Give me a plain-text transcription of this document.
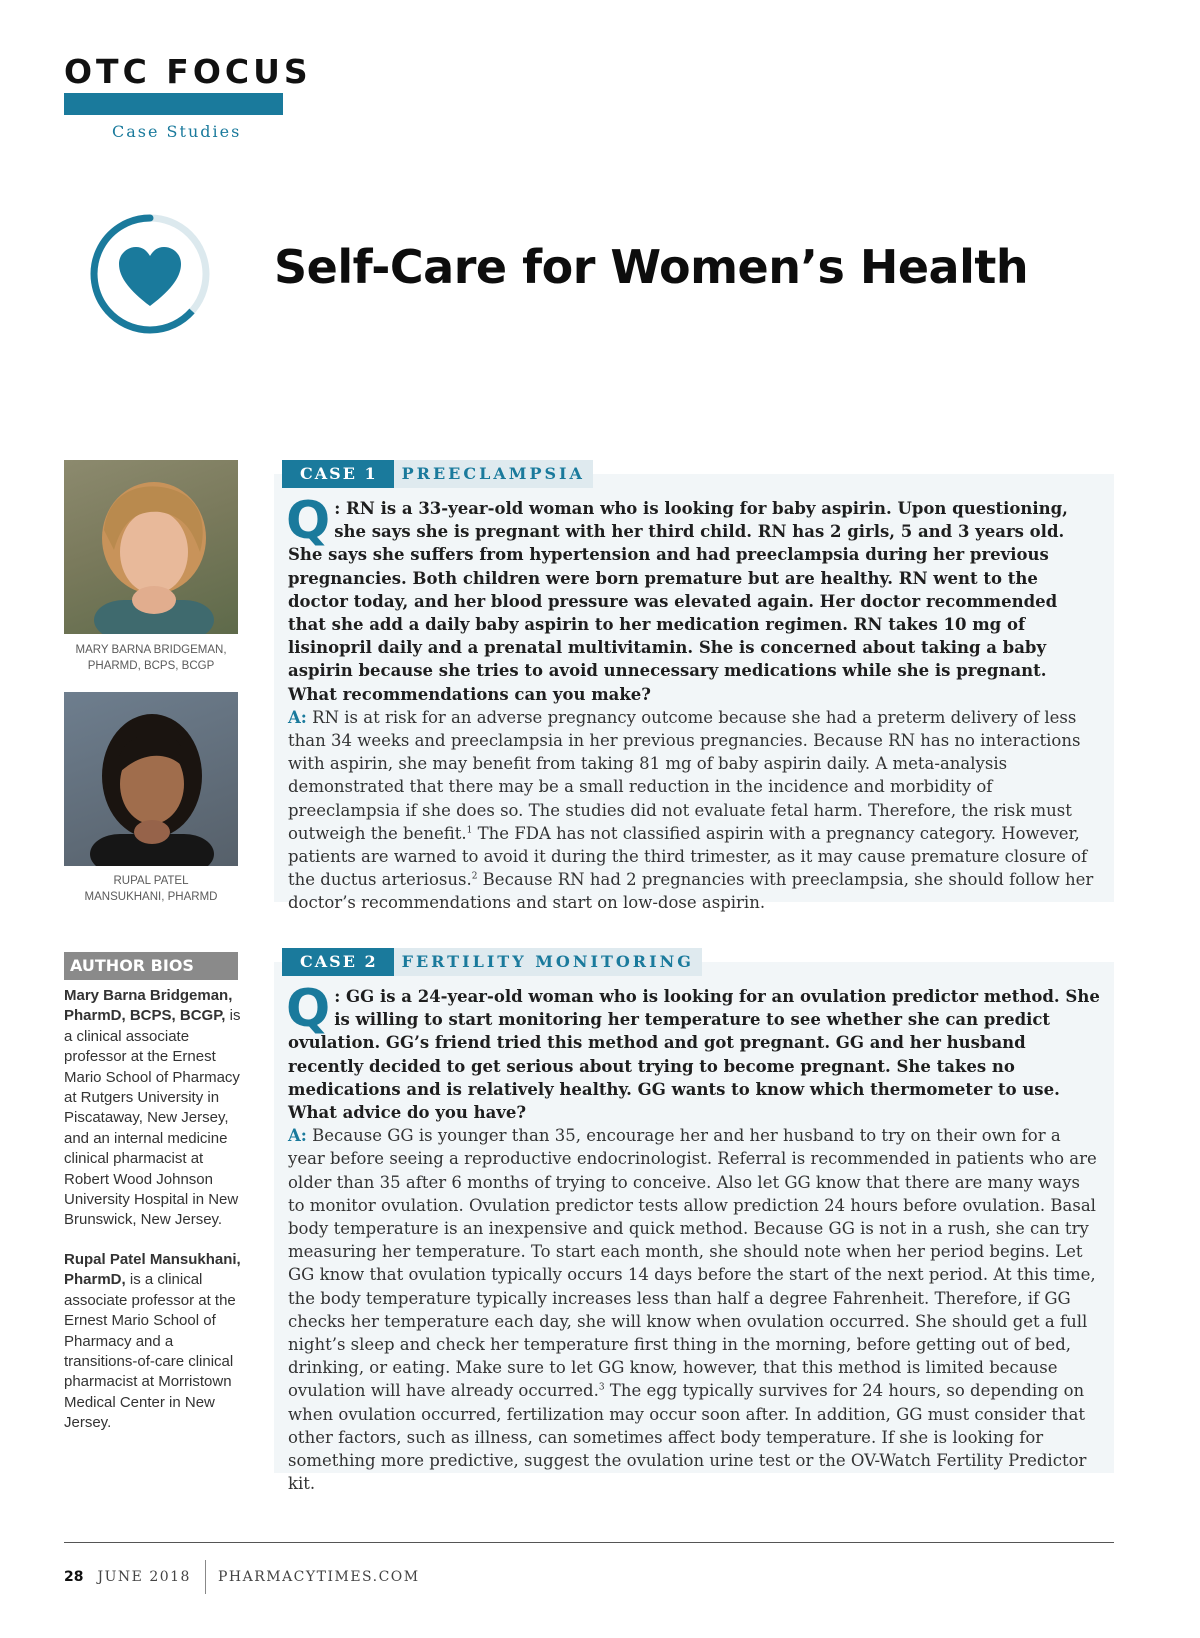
OTC FOCUS
Case Studies
Self-Care for Women’s Health
MARY BARNA BRIDGEMAN,
PHARMD, BCPS, BCGP
RUPAL PATEL
MANSUKHANI, PHARMD
AUTHOR BIOS
Mary Barna Bridgeman, PharmD, BCPS, BCGP, is a clinical associate professor at the Ernest Mario School of Pharmacy at Rutgers University in Piscataway, New Jersey, and an internal medicine clinical pharmacist at Robert Wood Johnson University Hospital in New Brunswick, New Jersey.
Rupal Patel Mansukhani, PharmD, is a clinical associate professor at the Ernest Mario School of Pharmacy and a transitions-of-care clinical pharmacist at Morristown Medical Center in New Jersey.
CASE 1	PREECLAMPSIA
Q : RN is a 33-year-old woman who is looking for baby aspirin. Upon questioning, she says she is pregnant with her third child. RN has 2 girls, 5 and 3 years old. She says she suffers from hypertension and had preeclampsia during her previous pregnancies. Both children were born premature but are healthy. RN went to the doctor today, and her blood pressure was elevated again. Her doctor recommended that she add a daily baby aspirin to her medication regimen. RN takes 10 mg of lisinopril daily and a prenatal multivitamin. She is concerned about taking a baby aspirin because she tries to avoid unnecessary medications while she is pregnant. What recommendations can you make?
A: RN is at risk for an adverse pregnancy outcome because she had a preterm delivery of less than 34 weeks and preeclampsia in her previous pregnancies. Because RN has no interactions with aspirin, she may benefit from taking 81 mg of baby aspirin daily. A meta-analysis demonstrated that there may be a small reduction in the incidence and morbidity of preeclampsia if she does so. The studies did not evaluate fetal harm. Therefore, the risk must outweigh the benefit.$^1$ The FDA has not classified aspirin with a pregnancy category. However, patients are warned to avoid it during the third trimester, as it may cause premature closure of the ductus arteriosus.$^2$ Because RN had 2 pregnancies with preeclampsia, she should follow her doctor’s recommendations and start on low-dose aspirin.
CASE 2	FERTILITY MONITORING
Q : GG is a 24-year-old woman who is looking for an ovulation predictor method. She is willing to start monitoring her temperature to see whether she can predict ovulation. GG’s friend tried this method and got pregnant. GG and her husband recently decided to get serious about trying to become pregnant. She takes no medications and is relatively healthy. GG wants to know which thermometer to use. What advice do you have?
A: Because GG is younger than 35, encourage her and her husband to try on their own for a year before seeing a reproductive endocrinologist. Referral is recommended in patients who are older than 35 after 6 months of trying to conceive. Also let GG know that there are many ways to monitor ovulation. Ovulation predictor tests allow prediction 24 hours before ovulation. Basal body temperature is an inexpensive and quick method. Because GG is not in a rush, she can try measuring her temperature. To start each month, she should note when her period begins. Let GG know that ovulation typically occurs 14 days before the start of the next period. At this time, the body temperature typically increases less than half a degree Fahrenheit. Therefore, if GG checks her temperature each day, she will know when ovulation occurred. She should get a full night’s sleep and check her temperature first thing in the morning, before getting out of bed, drinking, or eating. Make sure to let GG know, however, that this method is limited because ovulation will have already occurred.$^3$ The egg typically survives for 24 hours, so depending on when ovulation occurred, fertilization may occur soon after. In addition, GG must consider that other factors, such as illness, can sometimes affect body temperature. If she is looking for something more predictive, suggest the ovulation urine test or the OV-Watch Fertility Predictor kit.
28 JUNE 2018 PHARMACYTIMES.COM
